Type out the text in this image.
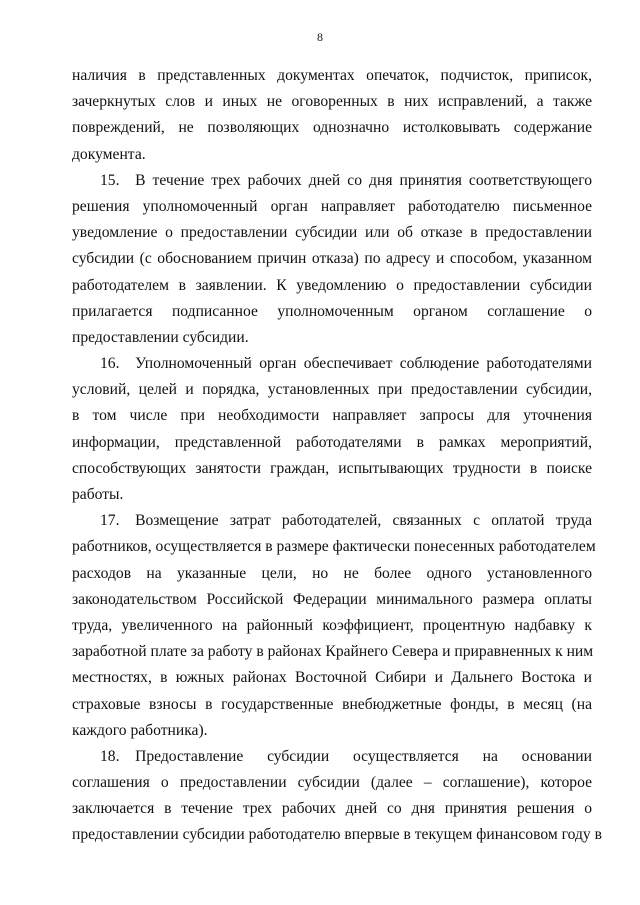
8
наличия в представленных документах опечаток, подчисток, приписок,
зачеркнутых слов и иных не оговоренных в них исправлений, а также
повреждений, не позволяющих однозначно истолковывать содержание
документа.
15.  В течение трех рабочих дней со дня принятия соответствующего
решения уполномоченный орган направляет работодателю письменное
уведомление о предоставлении субсидии или об отказе в предоставлении
субсидии (с обоснованием причин отказа) по адресу и способом, указанном
работодателем в заявлении. К уведомлению о предоставлении субсидии
прилагается подписанное уполномоченным органом соглашение о
предоставлении субсидии.
16.  Уполномоченный орган обеспечивает соблюдение работодателями
условий, целей и порядка, установленных при предоставлении субсидии,
в том числе при необходимости направляет запросы для уточнения
информации, представленной работодателями в рамках мероприятий,
способствующих занятости граждан, испытывающих трудности в поиске
работы.
17.  Возмещение затрат работодателей, связанных с оплатой труда
работников, осуществляется в размере фактически понесенных работодателем
расходов на указанные цели, но не более одного установленного
законодательством Российской Федерации минимального размера оплаты
труда, увеличенного на районный коэффициент, процентную надбавку к
заработной плате за работу в районах Крайнего Севера и приравненных к ним
местностях, в южных районах Восточной Сибири и Дальнего Востока и
страховые взносы в государственные внебюджетные фонды, в месяц (на
каждого работника).
18.  Предоставление субсидии осуществляется на основании
соглашения о предоставлении субсидии (далее – соглашение), которое
заключается в течение трех рабочих дней со дня принятия решения о
предоставлении субсидии работодателю впервые в текущем финансовом году в
